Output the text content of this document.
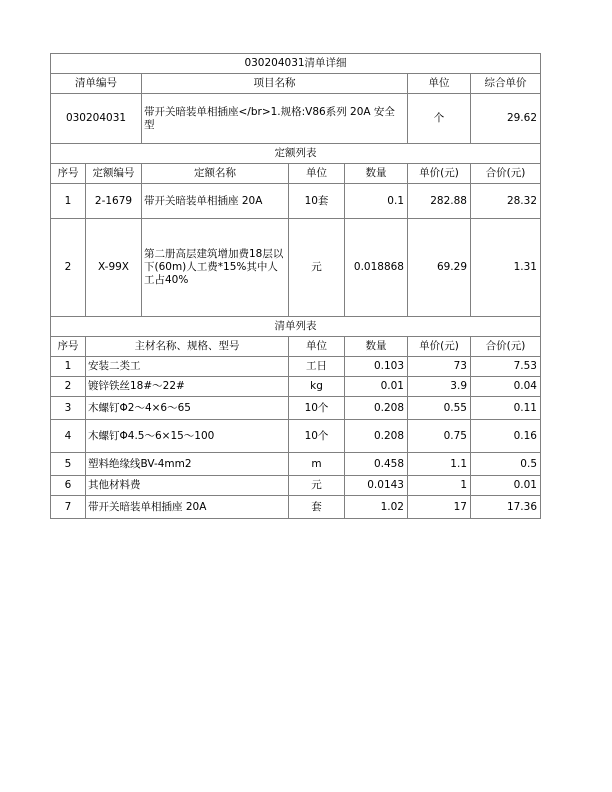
030204031清单详细						
清单编号		项目名称			单位	综合单价
030204031		带开关暗装单相插座</br>1.规格:V86系列 20A 安全型			个	29.62
定额列表						
序号	定额编号	定额名称	单位	数量	单价(元)	合价(元)
1	2-1679	带开关暗装单相插座 20A	10套	0.1	282.88	28.32
2	X-99X	第二册高层建筑增加费18层以下(60m)人工费*15%其中人工占40%	元	0.018868	69.29	1.31
清单列表						
序号	主材名称、规格、型号		单位	数量	单价(元)	合价(元)
1	安装二类工		工日	0.103	73	7.53
2	镀锌铁丝18#～22#		kg	0.01	3.9	0.04
3	木螺钉Φ2～4×6～65		10个	0.208	0.55	0.11
4	木螺钉Φ4.5～6×15～100		10个	0.208	0.75	0.16
5	塑料绝缘线BV-4mm2		m	0.458	1.1	0.5
6	其他材料费		元	0.0143	1	0.01
7	带开关暗装单相插座 20A		套	1.02	17	17.36
